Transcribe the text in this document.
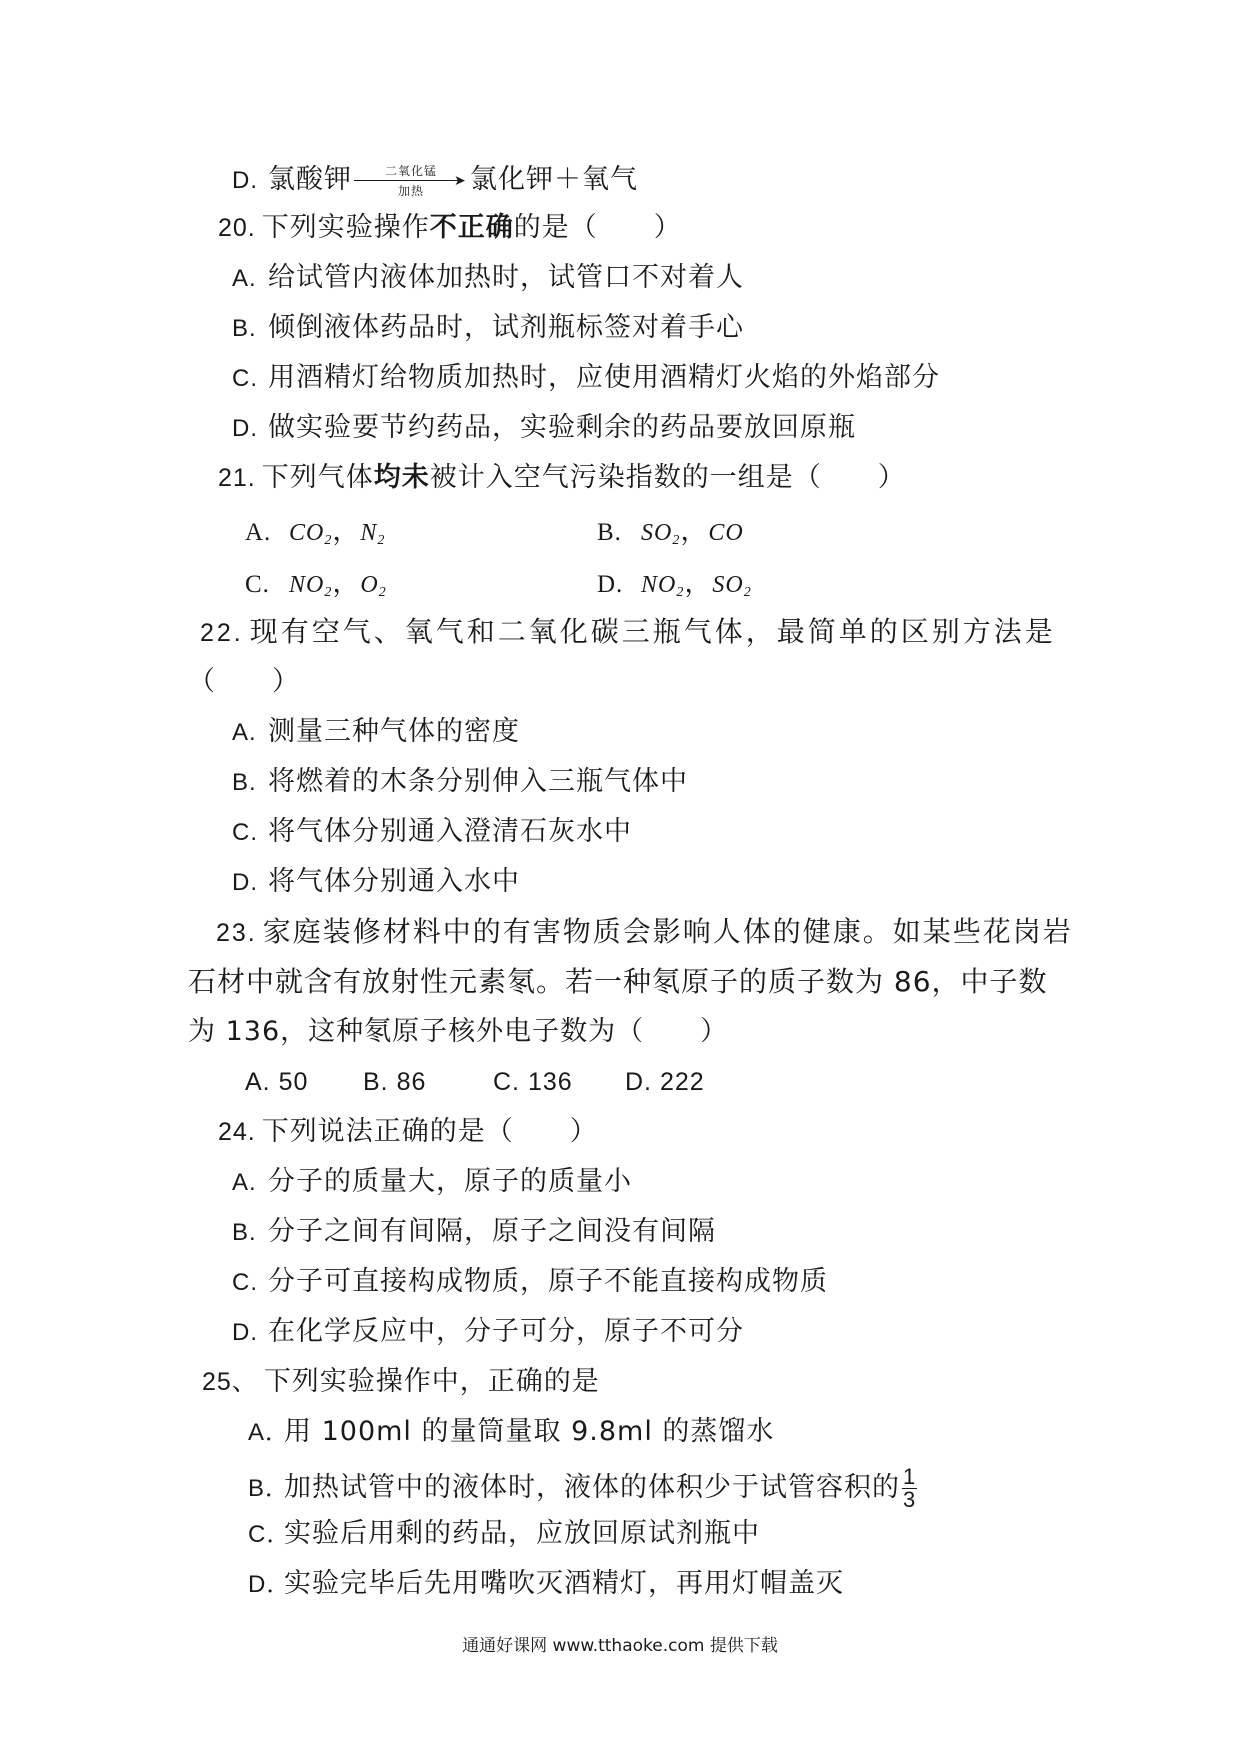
D. 氯酸钾	二氧化锰
➤
加热	氯化钾＋氧气
20. 下列实验操作不正确的是（　　）
A. 给试管内液体加热时，试管口不对着人
B. 倾倒液体药品时，试剂瓶标签对着手心
C. 用酒精灯给物质加热时，应使用酒精灯火焰的外焰部分
D. 做实验要节约药品，实验剩余的药品要放回原瓶
21. 下列气体均未被计入空气污染指数的一组是（　　）
A. $CO_2$，$N_2$	B. $SO_2$，CO
C. $NO_2$，$O_2$	D. $NO_2$，$SO_2$
22. 现有空气、氧气和二氧化碳三瓶气体，最简单的区别方法是
（　　）
A. 测量三种气体的密度
B. 将燃着的木条分别伸入三瓶气体中
C. 将气体分别通入澄清石灰水中
D. 将气体分别通入水中
23. 家庭装修材料中的有害物质会影响人体的健康。如某些花岗岩
石材中就含有放射性元素氡。若一种氡原子的质子数为 86，中子数
为 136，这种氡原子核外电子数为（　　）
A. 50 B. 86	C. 136 D. 222
24. 下列说法正确的是（　　）
A. 分子的质量大，原子的质量小
B. 分子之间有间隔，原子之间没有间隔
C. 分子可直接构成物质，原子不能直接构成物质
D. 在化学反应中，分子可分，原子不可分
25、 下列实验操作中，正确的是
A．用 100ml 的量筒量取 9.8ml 的蒸馏水
B．加热试管中的液体时，液体的体积少于试管容积的 $\frac{1}{3}$
C．实验后用剩的药品，应放回原试剂瓶中
D．实验完毕后先用嘴吹灭酒精灯，再用灯帽盖灭
通通好课网 www.tthaoke.com 提供下载
